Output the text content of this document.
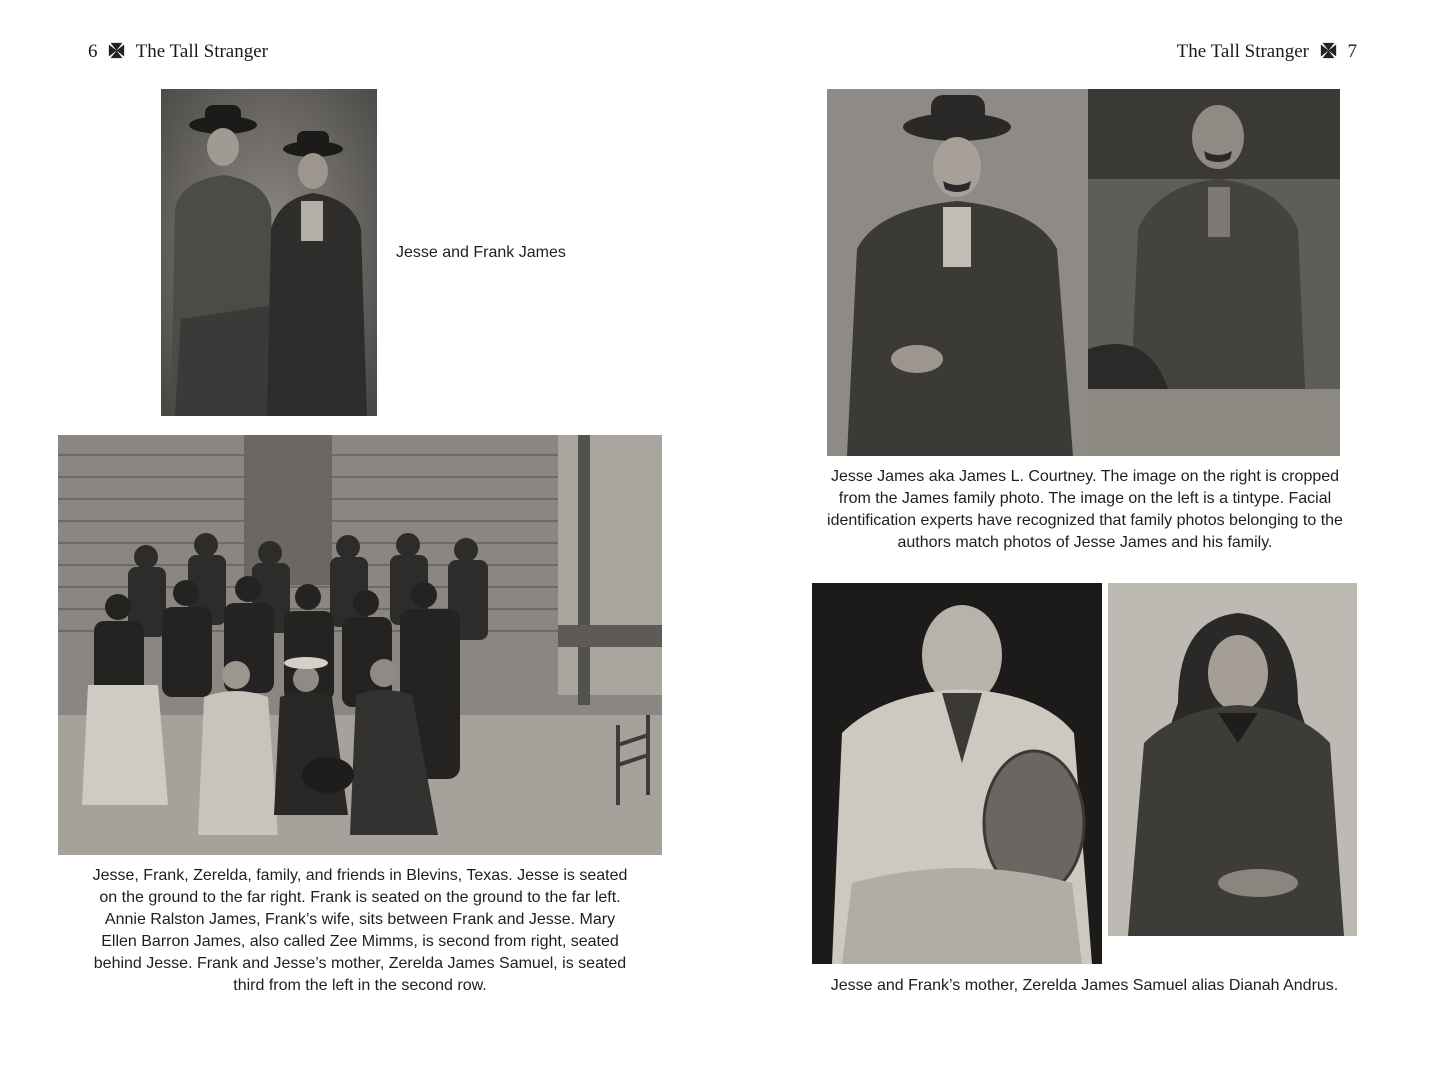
6 The Tall Stranger	The Tall Stranger 7
Jesse and Frank James
Jesse, Frank, Zerelda, family, and friends in Blevins, Texas. Jesse is seated on the ground to the far right. Frank is seated on the ground to the far left. Annie Ralston James, Frank’s wife, sits between Frank and Jesse. Mary Ellen Barron James, also called Zee Mimms, is second from right, seated behind Jesse. Frank and Jesse’s mother, Zerelda James Samuel, is seated third from the left in the second row.
Jesse James aka James L. Courtney. The image on the right is cropped from the James family photo. The image on the left is a tintype. Facial identification experts have recognized that family photos belonging to the authors match photos of Jesse James and his family.
Jesse and Frank’s mother, Zerelda James Samuel alias Dianah Andrus.
